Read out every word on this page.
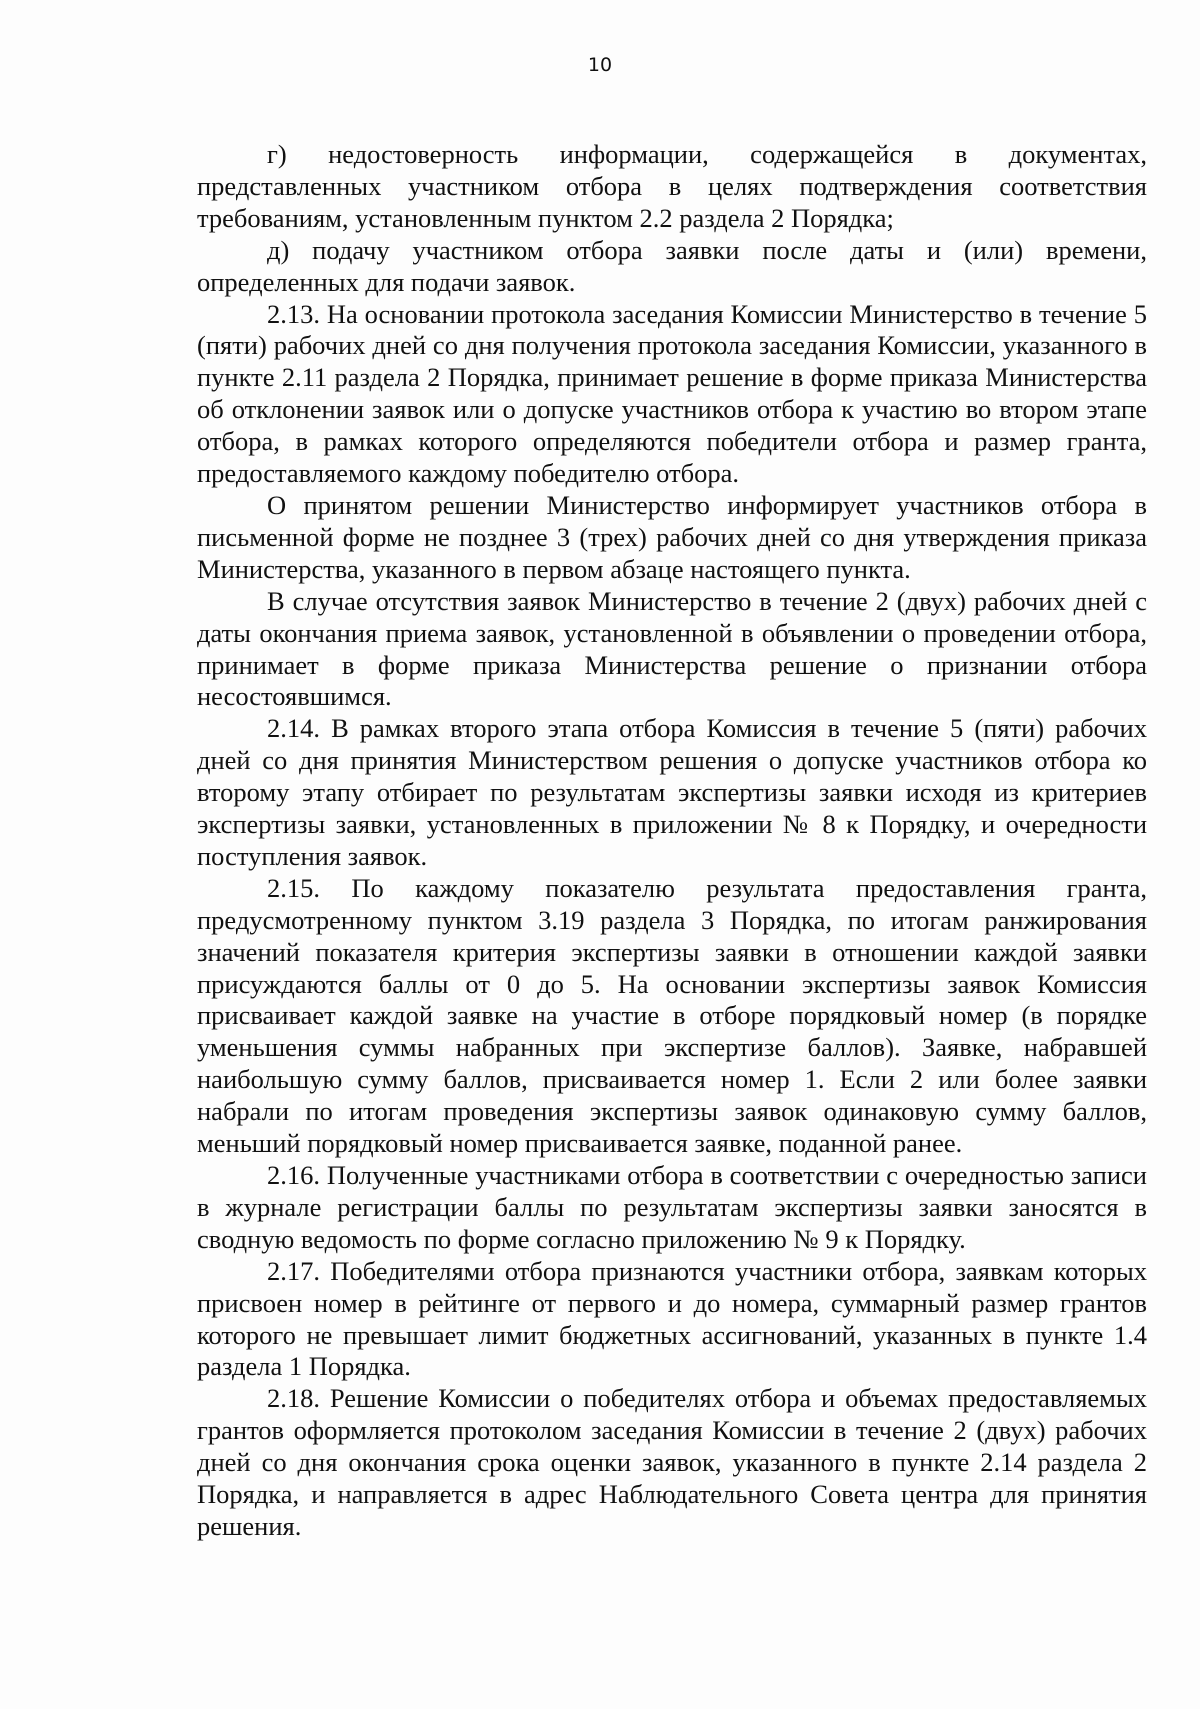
10

г) недостоверность информации, содержащейся в документах, представленных участником отбора в целях подтверждения соответствия требованиям, установленным пунктом 2.2 раздела 2 Порядка;

д) подачу участником отбора заявки после даты и (или) времени, определенных для подачи заявок.

2.13. На основании протокола заседания Комиссии Министерство в течение 5 (пяти) рабочих дней со дня получения протокола заседания Комиссии, указанного в пункте 2.11 раздела 2 Порядка, принимает решение в форме приказа Министерства об отклонении заявок или о допуске участников отбора к участию во втором этапе отбора, в рамках которого определяются победители отбора и размер гранта, предоставляемого каждому победителю отбора.

О принятом решении Министерство информирует участников отбора в письменной форме не позднее 3 (трех) рабочих дней со дня утверждения приказа Министерства, указанного в первом абзаце настоящего пункта.

В случае отсутствия заявок Министерство в течение 2 (двух) рабочих дней с даты окончания приема заявок, установленной в объявлении о проведении отбора, принимает в форме приказа Министерства решение о признании отбора несостоявшимся.

2.14. В рамках второго этапа отбора Комиссия в течение 5 (пяти) рабочих дней со дня принятия Министерством решения о допуске участников отбора ко второму этапу отбирает по результатам экспертизы заявки исходя из критериев экспертизы заявки, установленных в приложении № 8 к Порядку, и очередности поступления заявок.

2.15. По каждому показателю результата предоставления гранта, предусмотренному пунктом 3.19 раздела 3 Порядка, по итогам ранжирования значений показателя критерия экспертизы заявки в отношении каждой заявки присуждаются баллы от 0 до 5. На основании экспертизы заявок Комиссия присваивает каждой заявке на участие в отборе порядковый номер (в порядке уменьшения суммы набранных при экспертизе баллов). Заявке, набравшей наибольшую сумму баллов, присваивается номер 1. Если 2 или более заявки набрали по итогам проведения экспертизы заявок одинаковую сумму баллов, меньший порядковый номер присваивается заявке, поданной ранее.

2.16. Полученные участниками отбора в соответствии с очередностью записи в журнале регистрации баллы по результатам экспертизы заявки заносятся в сводную ведомость по форме согласно приложению № 9 к Порядку.

2.17. Победителями отбора признаются участники отбора, заявкам которых присвоен номер в рейтинге от первого и до номера, суммарный размер грантов которого не превышает лимит бюджетных ассигнований, указанных в пункте 1.4 раздела 1 Порядка.

2.18. Решение Комиссии о победителях отбора и объемах предоставляемых грантов оформляется протоколом заседания Комиссии в течение 2 (двух) рабочих дней со дня окончания срока оценки заявок, указанного в пункте 2.14 раздела 2 Порядка, и направляется в адрес Наблюдательного Совета центра для принятия решения.
